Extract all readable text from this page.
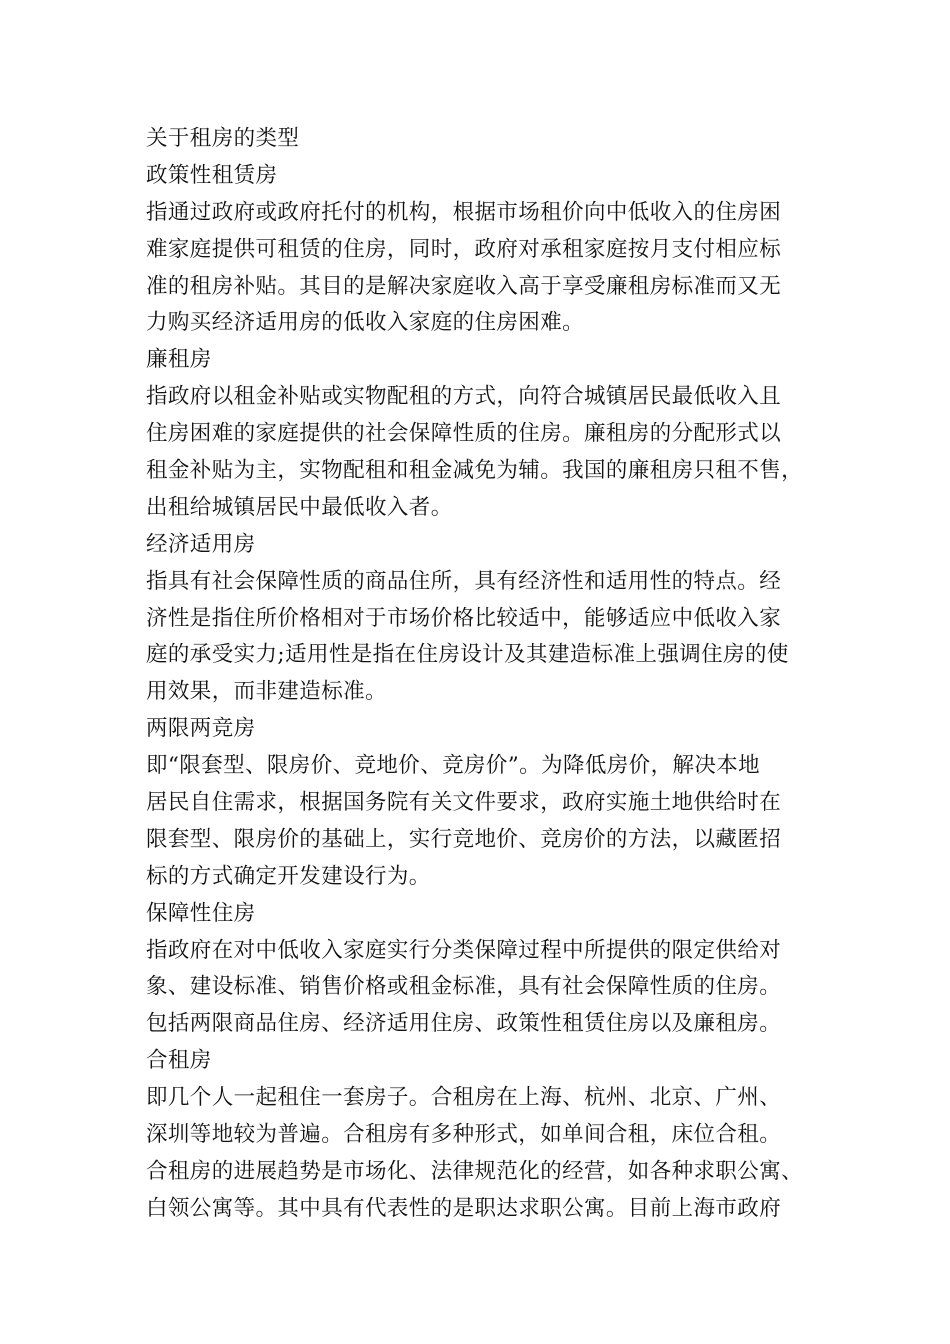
关于租房的类型
政策性租赁房
指通过政府或政府托付的机构，根据市场租价向中低收入的住房困
难家庭提供可租赁的住房，同时，政府对承租家庭按月支付相应标
准的租房补贴。其目的是解决家庭收入高于享受廉租房标准而又无
力购买经济适用房的低收入家庭的住房困难。
廉租房
指政府以租金补贴或实物配租的方式，向符合城镇居民最低收入且
住房困难的家庭提供的社会保障性质的住房。廉租房的分配形式以
租金补贴为主，实物配租和租金减免为辅。我国的廉租房只租不售，
出租给城镇居民中最低收入者。
经济适用房
指具有社会保障性质的商品住所，具有经济性和适用性的特点。经
济性是指住所价格相对于市场价格比较适中，能够适应中低收入家
庭的承受实力;适用性是指在住房设计及其建造标准上强调住房的使
用效果，而非建造标准。
两限两竞房
即“限套型、限房价、竞地价、竞房价”。为降低房价，解决本地
居民自住需求，根据国务院有关文件要求，政府实施土地供给时在
限套型、限房价的基础上，实行竞地价、竞房价的方法，以藏匿招
标的方式确定开发建设行为。
保障性住房
指政府在对中低收入家庭实行分类保障过程中所提供的限定供给对
象、建设标准、销售价格或租金标准，具有社会保障性质的住房。
包括两限商品住房、经济适用住房、政策性租赁住房以及廉租房。
合租房
即几个人一起租住一套房子。合租房在上海、杭州、北京、广州、
深圳等地较为普遍。合租房有多种形式，如单间合租，床位合租。
合租房的进展趋势是市场化、法律规范化的经营，如各种求职公寓、
白领公寓等。其中具有代表性的是职达求职公寓。目前上海市政府
